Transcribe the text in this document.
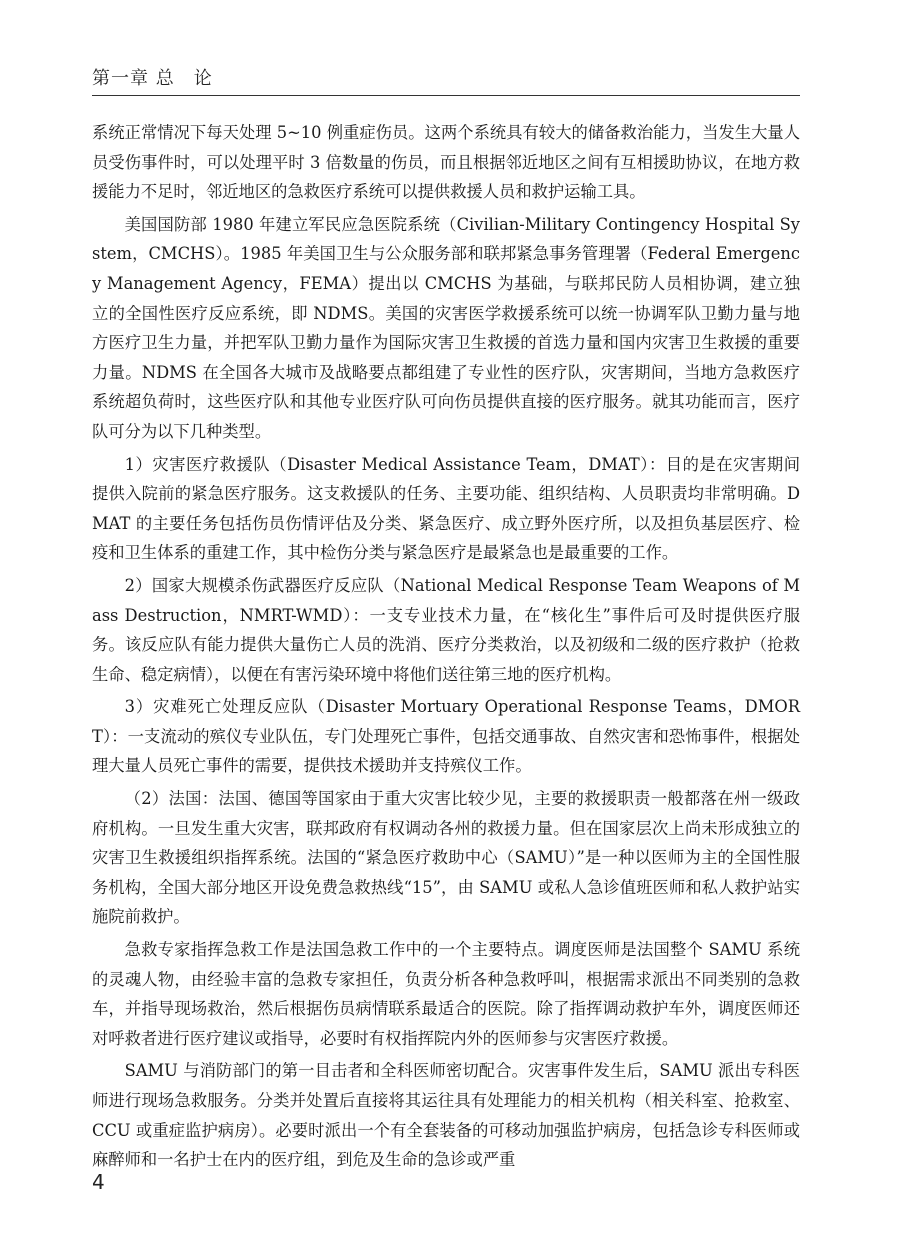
第一章 总　论

系统正常情况下每天处理 5~10 例重症伤员。这两个系统具有较大的储备救治能力，当发生大量人员受伤事件时，可以处理平时 3 倍数量的伤员，而且根据邻近地区之间有互相援助协议，在地方救援能力不足时，邻近地区的急救医疗系统可以提供救援人员和救护运输工具。

美国国防部 1980 年建立军民应急医院系统（Civilian-Military Contingency Hospital System，CMCHS）。1985 年美国卫生与公众服务部和联邦紧急事务管理署（Federal Emergency Management Agency，FEMA）提出以 CMCHS 为基础，与联邦民防人员相协调，建立独立的全国性医疗反应系统，即 NDMS。美国的灾害医学救援系统可以统一协调军队卫勤力量与地方医疗卫生力量，并把军队卫勤力量作为国际灾害卫生救援的首选力量和国内灾害卫生救援的重要力量。NDMS 在全国各大城市及战略要点都组建了专业性的医疗队，灾害期间，当地方急救医疗系统超负荷时，这些医疗队和其他专业医疗队可向伤员提供直接的医疗服务。就其功能而言，医疗队可分为以下几种类型。

1）灾害医疗救援队（Disaster Medical Assistance Team，DMAT）：目的是在灾害期间提供入院前的紧急医疗服务。这支救援队的任务、主要功能、组织结构、人员职责均非常明确。DMAT 的主要任务包括伤员伤情评估及分类、紧急医疗、成立野外医疗所，以及担负基层医疗、检疫和卫生体系的重建工作，其中检伤分类与紧急医疗是最紧急也是最重要的工作。

2）国家大规模杀伤武器医疗反应队（National Medical Response Team Weapons of Mass Destruction，NMRT-WMD）：一支专业技术力量，在“核化生”事件后可及时提供医疗服务。该反应队有能力提供大量伤亡人员的洗消、医疗分类救治，以及初级和二级的医疗救护（抢救生命、稳定病情），以便在有害污染环境中将他们送往第三地的医疗机构。

3）灾难死亡处理反应队（Disaster Mortuary Operational Response Teams，DMORT）：一支流动的殡仪专业队伍，专门处理死亡事件，包括交通事故、自然灾害和恐怖事件，根据处理大量人员死亡事件的需要，提供技术援助并支持殡仪工作。

（2）法国：法国、德国等国家由于重大灾害比较少见，主要的救援职责一般都落在州一级政府机构。一旦发生重大灾害，联邦政府有权调动各州的救援力量。但在国家层次上尚未形成独立的灾害卫生救援组织指挥系统。法国的“紧急医疗救助中心（SAMU）”是一种以医师为主的全国性服务机构，全国大部分地区开设免费急救热线“15”，由 SAMU 或私人急诊值班医师和私人救护站实施院前救护。

急救专家指挥急救工作是法国急救工作中的一个主要特点。调度医师是法国整个 SAMU 系统的灵魂人物，由经验丰富的急救专家担任，负责分析各种急救呼叫，根据需求派出不同类别的急救车，并指导现场救治，然后根据伤员病情联系最适合的医院。除了指挥调动救护车外，调度医师还对呼救者进行医疗建议或指导，必要时有权指挥院内外的医师参与灾害医疗救援。

SAMU 与消防部门的第一目击者和全科医师密切配合。灾害事件发生后，SAMU 派出专科医师进行现场急救服务。分类并处置后直接将其运往具有处理能力的相关机构（相关科室、抢救室、CCU 或重症监护病房）。必要时派出一个有全套装备的可移动加强监护病房，包括急诊专科医师或麻醉师和一名护士在内的医疗组，到危及生命的急诊或严重

4
